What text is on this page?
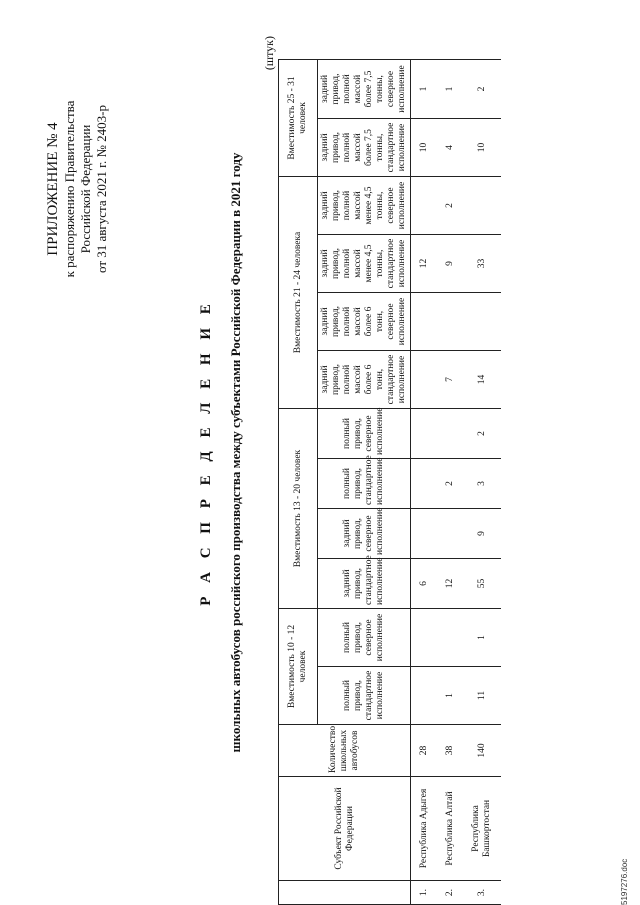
ПРИЛОЖЕНИЕ № 4 к распоряжению Правительства Российской Федерации от 31 августа 2021 г. № 2403-р
Р А С П Р Е Д Е Л Е Н И Е школьных автобусов российского производства между субъектами Российской Федерации в 2021 году
(штук)
	Субъект Российской Федерации	Количество школьных автобусов	Вместимость 10 - 12 человек		Вместимость 13 - 20 человек				Вместимость 21 - 24 человека				Вместимость 25 - 31 человек	
			полный привод, стандартное исполнение	полный привод, северное исполнение	задний привод, стандартное исполнение	задний привод, северное исполнение	полный привод, стандартное исполнение	полный привод, северное исполнение	задний привод, полной массой более 6 тонн, стандартное исполнение	задний привод, полной массой более 6 тонн, северное исполнение	задний привод, полной массой менее 4,5 тонны, стандартное исполнение	задний привод, полной массой менее 4,5 тонны, северное исполнение	задний привод, полной массой более 7,5 тонны, стандартное исполнение	задний привод, полной массой более 7,5 тонны, северное исполнение
1.	Республика Адыгея	28			6						12		10	1
2.	Республика Алтай	38	1		12		2		7		9	2	4	1
3.	Республика Башкортостан	140	11	1	55	9	3	2	14		33		10	2
5197276.doc
